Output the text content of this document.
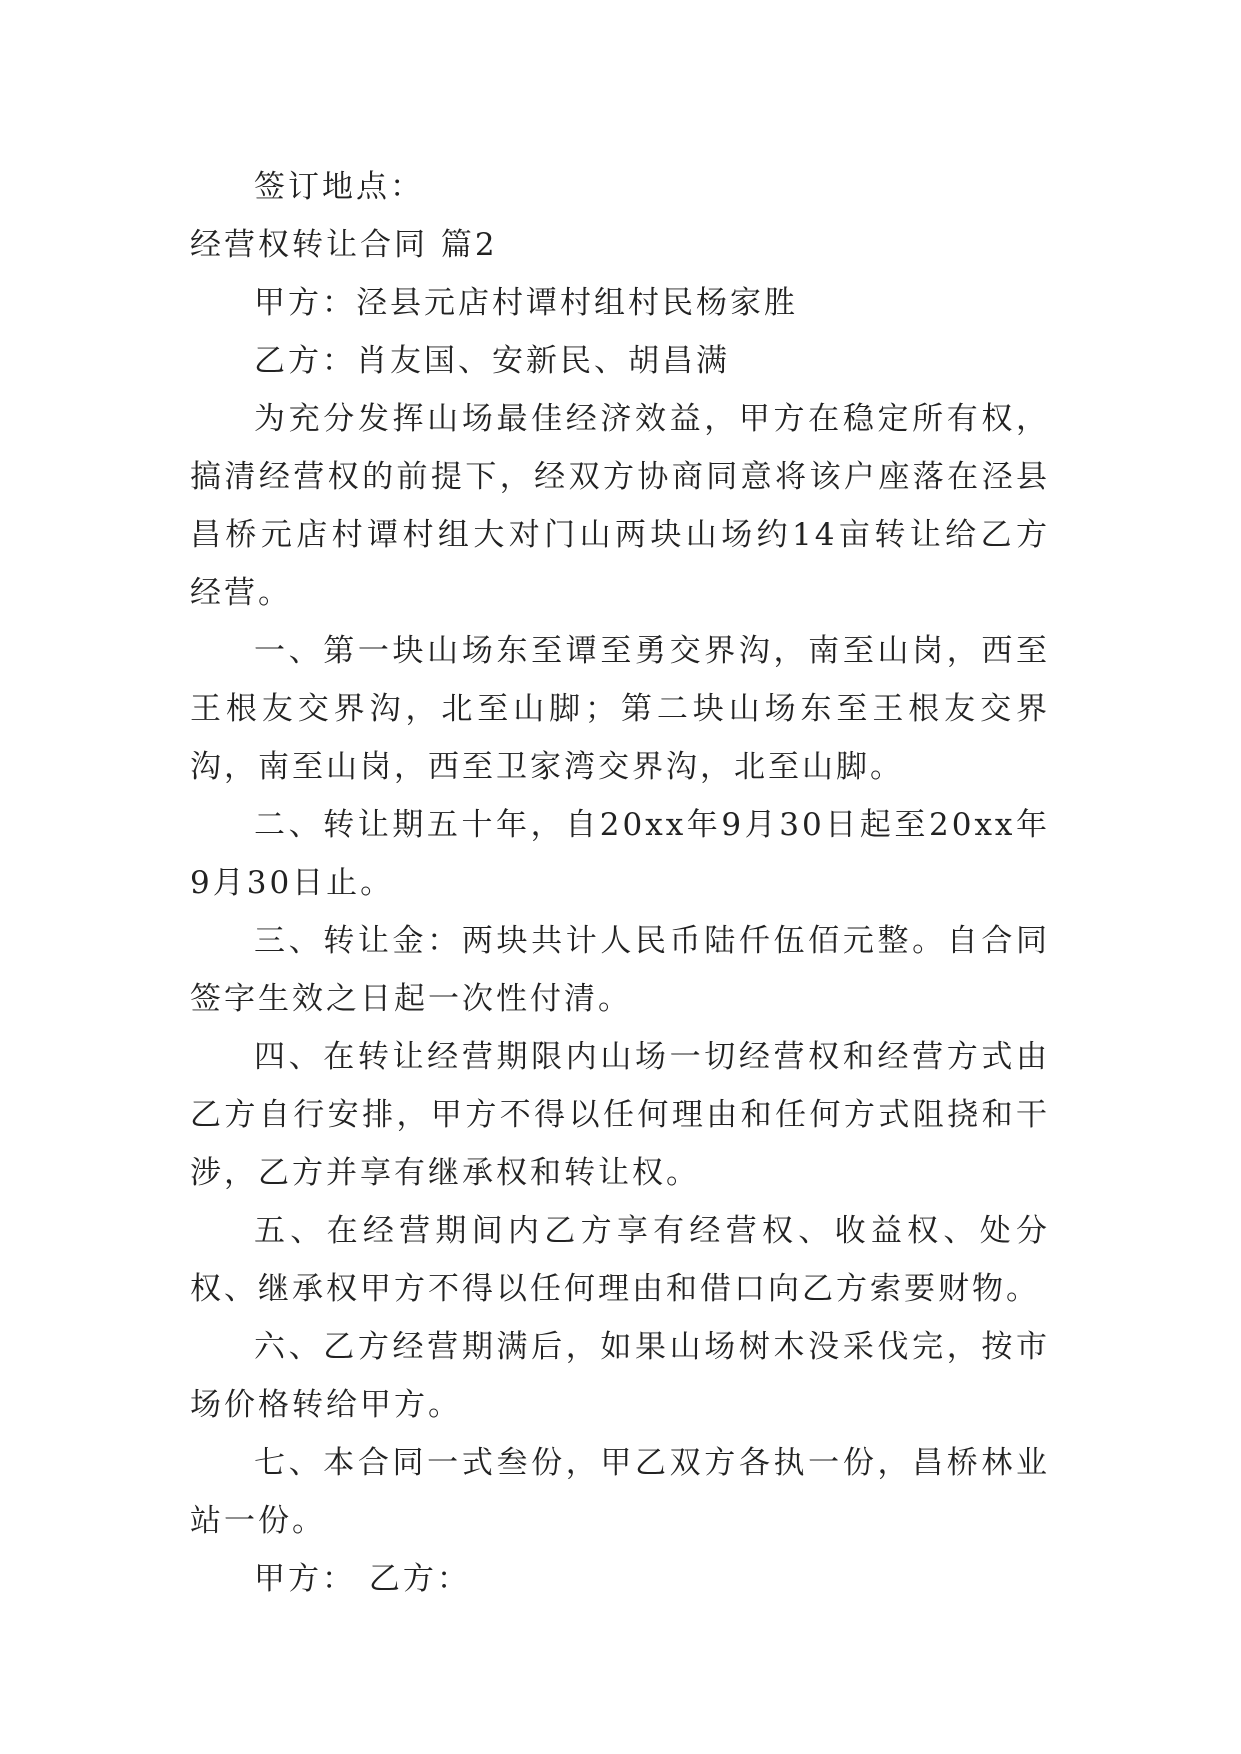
签订地点：

经营权转让合同 篇2

甲方：泾县元店村谭村组村民杨家胜

乙方：肖友国、安新民、胡昌满

为充分发挥山场最佳经济效益，甲方在稳定所有权，搞清经营权的前提下，经双方协商同意将该户座落在泾县昌桥元店村谭村组大对门山两块山场约14亩转让给乙方经营。

一、第一块山场东至谭至勇交界沟，南至山岗，西至王根友交界沟，北至山脚；第二块山场东至王根友交界沟，南至山岗，西至卫家湾交界沟，北至山脚。

二、转让期五十年，自20xx年9月30日起至20xx年9月30日止。

三、转让金：两块共计人民币陆仟伍佰元整。自合同签字生效之日起一次性付清。

四、在转让经营期限内山场一切经营权和经营方式由乙方自行安排，甲方不得以任何理由和任何方式阻挠和干涉，乙方并享有继承权和转让权。

五、在经营期间内乙方享有经营权、收益权、处分权、继承权甲方不得以任何理由和借口向乙方索要财物。

六、乙方经营期满后，如果山场树木没采伐完，按市场价格转给甲方。

七、本合同一式叁份，甲乙双方各执一份，昌桥林业站一份。

甲方： 乙方：
